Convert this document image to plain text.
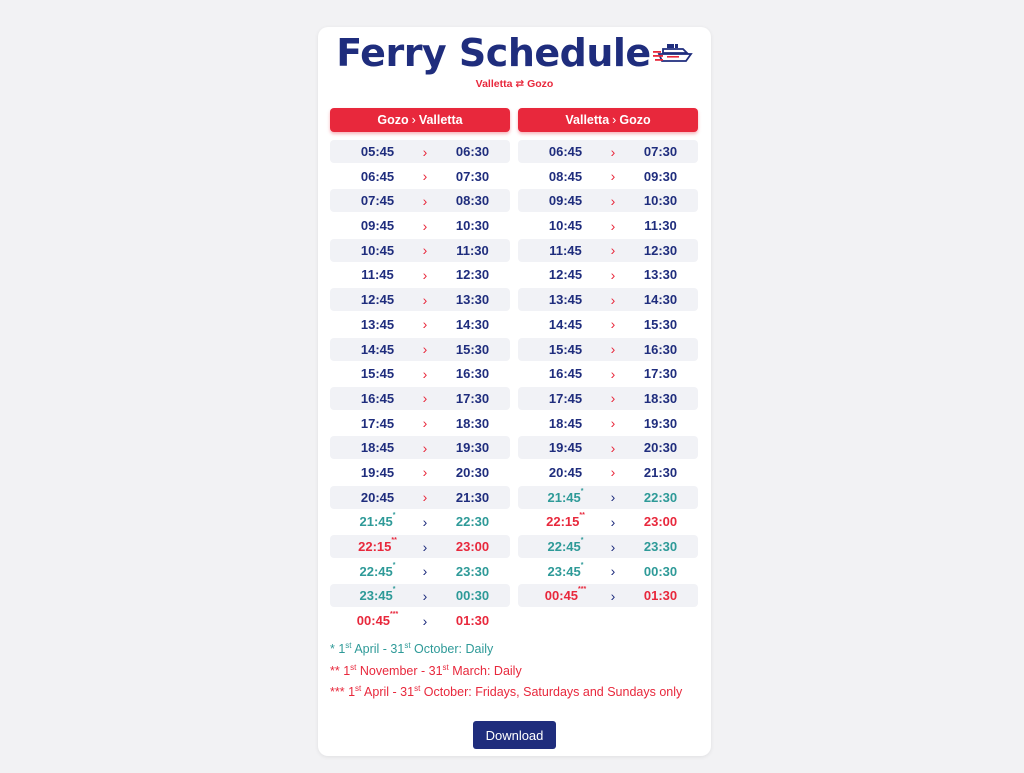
Ferry Schedule
Valletta ⇄ Gozo
Gozo › Valletta
05:45	›	06:30
06:45	›	07:30
07:45	›	08:30
09:45	›	10:30
10:45	›	11:30
11:45	›	12:30
12:45	›	13:30
13:45	›	14:30
14:45	›	15:30
15:45	›	16:30
16:45	›	17:30
17:45	›	18:30
18:45	›	19:30
19:45	›	20:30
20:45	›	21:30
21:45*	›	22:30
22:15**	›	23:00
22:45*	›	23:30
23:45*	›	00:30
00:45***	›	01:30
Valletta › Gozo
06:45	›	07:30
08:45	›	09:30
09:45	›	10:30
10:45	›	11:30
11:45	›	12:30
12:45	›	13:30
13:45	›	14:30
14:45	›	15:30
15:45	›	16:30
16:45	›	17:30
17:45	›	18:30
18:45	›	19:30
19:45	›	20:30
20:45	›	21:30
21:45*	›	22:30
22:15**	›	23:00
22:45*	›	23:30
23:45*	›	00:30
00:45***	›	01:30
* 1st April - 31st October: Daily
** 1st November - 31st March: Daily
*** 1st April - 31st October: Fridays, Saturdays and Sundays only
Download
